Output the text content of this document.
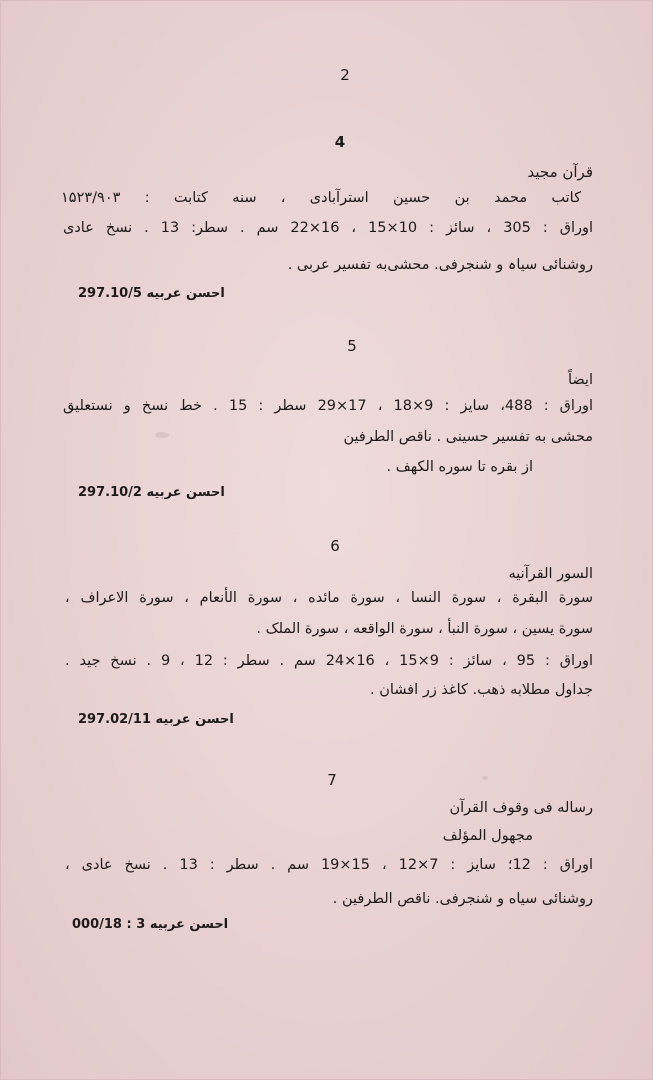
2
4
قرآن مجید
کاتب محمد بن حسین استرآبادی ، سنه کتابت : ۱۵۲۳/۹۰۳
اوراق : 305 ، سائز : 10×15 ، 16×22 سم . سطر: 13 . نسخ عادی
روشنائی سیاہ و شنجرفی. محشی‌به تفسیر عربی .
احسن عربیه 297.10/5
5
ایضاً
اوراق : 488، سایز : 9×18 ، 17×29 سطر : 15 . خط نسخ و نستعلیق
محشی به تفسیر حسینی . ناقص الطرفین
از بقره تا سوره الکهف .
احسن عربیه 297.10/2
6
السور القرآنیه
سورة البقرة ، سورة النسا ، سورة مائده ، سورة الأنعام ، سورة الاعراف ،
سورة یسین ، سورة النبأ ، سورة الواقعه ، سورة الملک .
اوراق : 95 ، سائز : 9×15 ، 16×24 سم . سطر : 12 ، 9 . نسخ جید .
جداول مطلابه ذهب. کاغذ زر افشان .
احسن عربیه 297.02/11
7
رساله فی وقوف القرآن
مجهول المؤلف
اوراق : 12؛ سایز : 7×12 ، 15×19 سم . سطر : 13 . نسخ عادی ،
روشنائی سیاه و شنجرفی. ناقص الطرفین .
احسن عربیه 3 : 000/18
